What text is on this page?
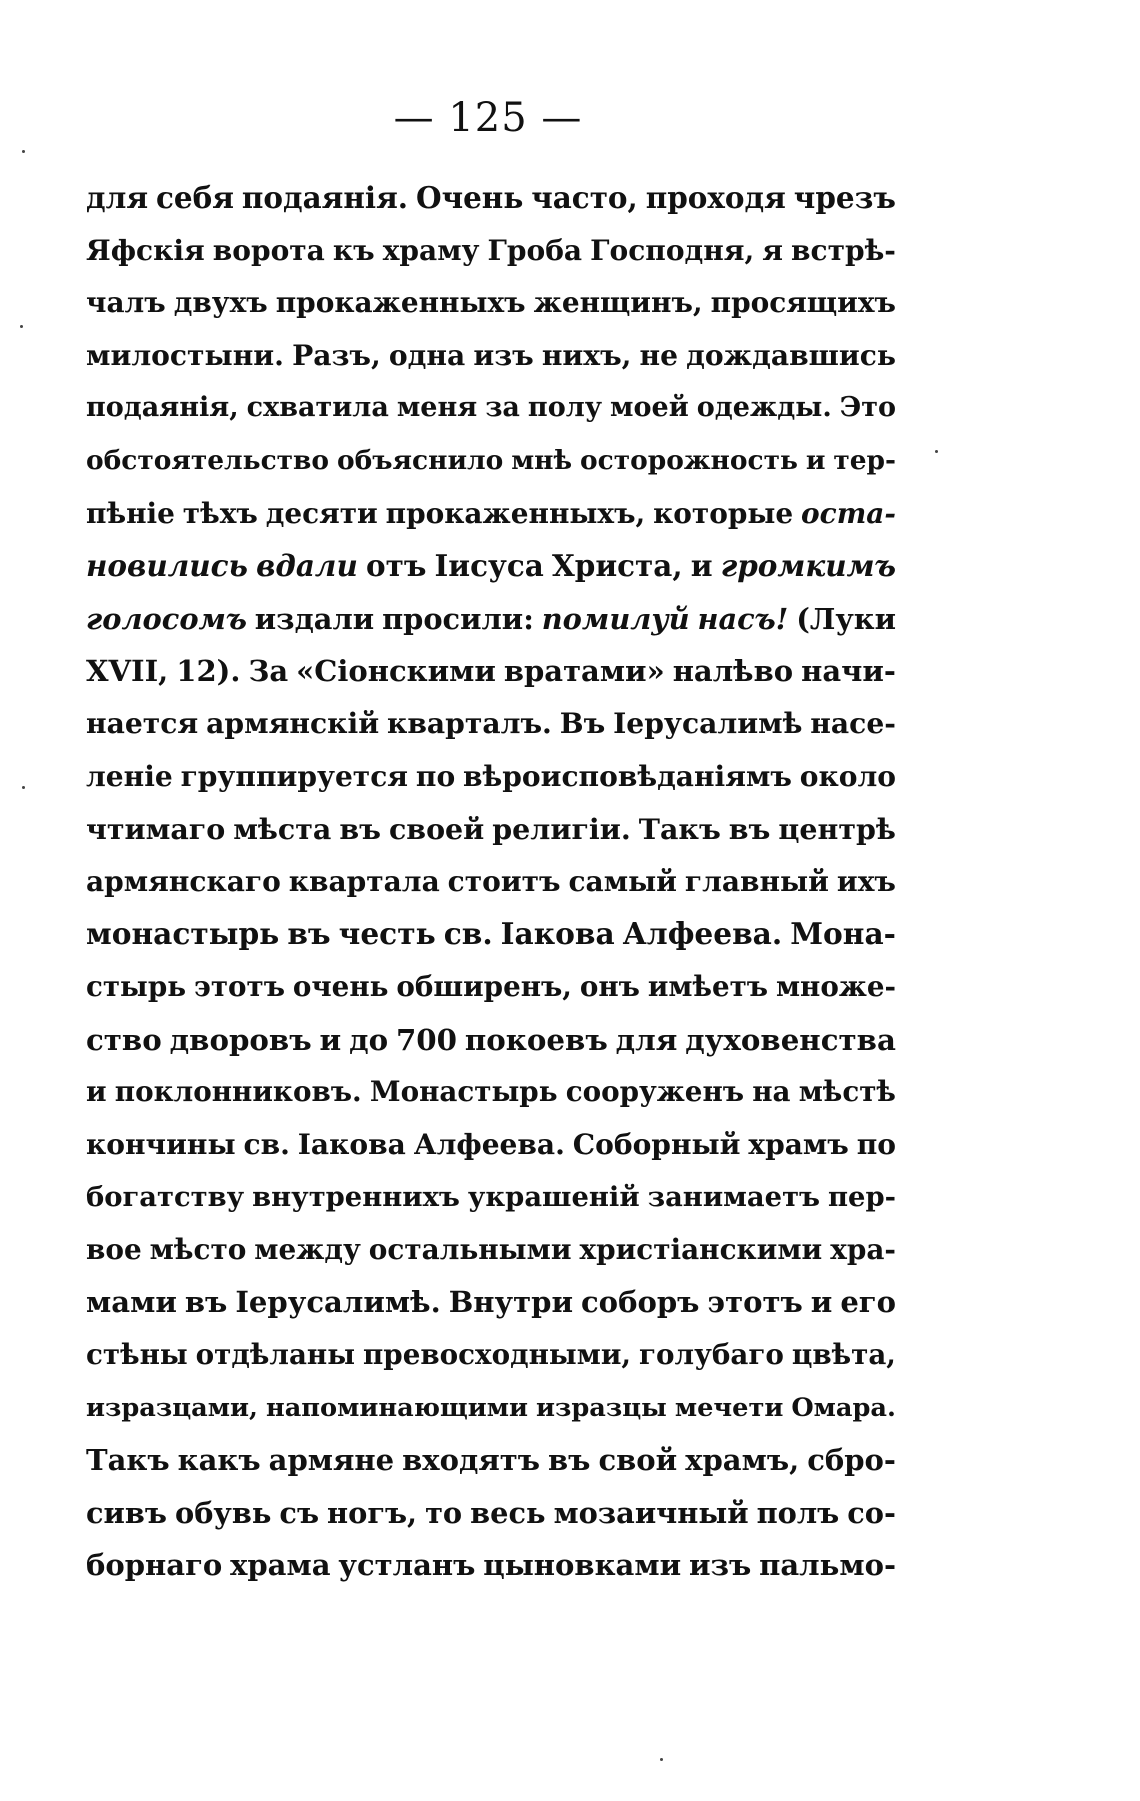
— 125 —
для себя подаянія. Очень часто, проходя чрезъ
Яфскія ворота къ храму Гроба Господня, я встрѣ-
чалъ двухъ прокаженныхъ женщинъ, просящихъ
милостыни. Разъ, одна изъ нихъ, не дождавшись
подаянія, схватила меня за полу моей одежды. Это
обстоятельство объяснило мнѣ осторожность и тер-
пѣніе тѣхъ десяти прокаженныхъ, которые оста-
новились вдали отъ Іисуса Христа, и громкимъ
голосомъ издали просили: помилуй насъ! (Луки
XVII, 12). За «Сіонскими вратами» налѣво начи-
нается армянскій кварталъ. Въ Іерусалимѣ насе-
леніе группируется по вѣроисповѣданіямъ около
чтимаго мѣста въ своей религіи. Такъ въ центрѣ
армянскаго квартала стоитъ самый главный ихъ
монастырь въ честь св. Іакова Алфеева. Мона-
стырь этотъ очень обширенъ, онъ имѣетъ множе-
ство дворовъ и до 700 покоевъ для духовенства
и поклонниковъ. Монастырь сооруженъ на мѣстѣ
кончины св. Іакова Алфеева. Соборный храмъ по
богатству внутреннихъ украшеній занимаетъ пер-
вое мѣсто между остальными христіанскими хра-
мами въ Іерусалимѣ. Внутри соборъ этотъ и его
стѣны отдѣланы превосходными, голубаго цвѣта,
изразцами, напоминающими изразцы мечети Омара.
Такъ какъ армяне входятъ въ свой храмъ, сбро-
сивъ обувь съ ногъ, то весь мозаичный полъ со-
борнаго храма устланъ цыновками изъ пальмо-
